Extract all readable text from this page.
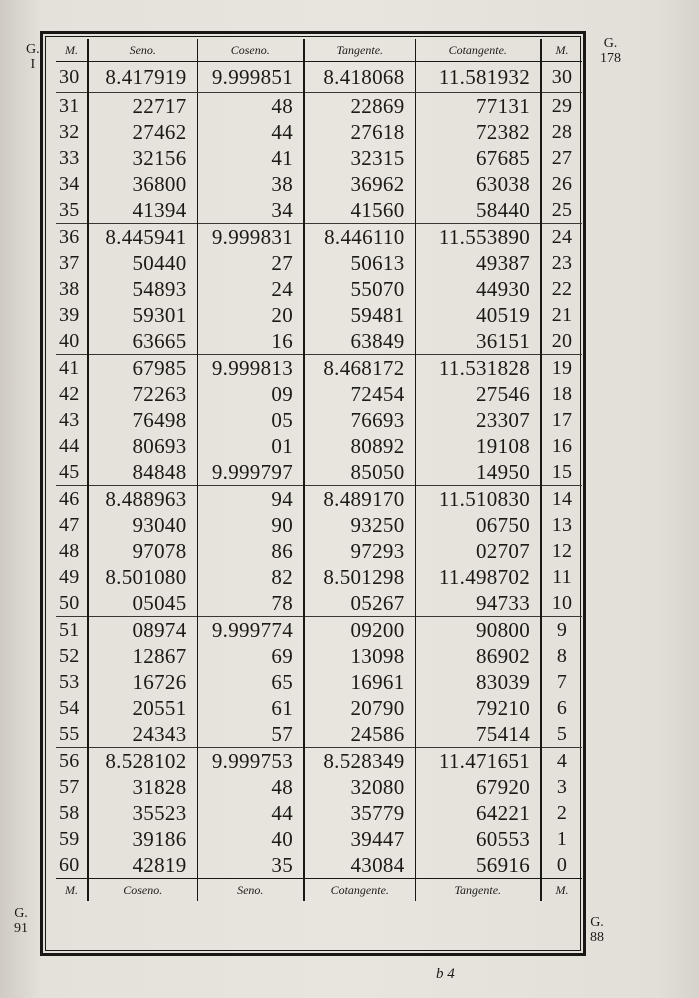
G.
I
G.
178
G.
91	G.
88
M.	Seno.	Coseno.	Tangente.	Cotangente.	M.
30	8.417919	9.999851	8.418068	11.581932	30
31	22717	48	22869	77131	29
32	27462	44	27618	72382	28
33	32156	41	32315	67685	27
34	36800	38	36962	63038	26
35	41394	34	41560	58440	25
36	8.445941	9.999831	8.446110	11.553890	24
37	50440	27	50613	49387	23
38	54893	24	55070	44930	22
39	59301	20	59481	40519	21
40	63665	16	63849	36151	20
41	67985	9.999813	8.468172	11.531828	19
42	72263	09	72454	27546	18
43	76498	05	76693	23307	17
44	80693	01	80892	19108	16
45	84848	9.999797	85050	14950	15
46	8.488963	94	8.489170	11.510830	14
47	93040	90	93250	06750	13
48	97078	86	97293	02707	12
49	8.501080	82	8.501298	11.498702	11
50	05045	78	05267	94733	10
51	08974	9.999774	09200	90800	9
52	12867	69	13098	86902	8
53	16726	65	16961	83039	7
54	20551	61	20790	79210	6
55	24343	57	24586	75414	5
56	8.528102	9.999753	8.528349	11.471651	4
57	31828	48	32080	67920	3
58	35523	44	35779	64221	2
59	39186	40	39447	60553	1
60	42819	35	43084	56916	0
M.	Coseno.	Seno.	Cotangente.	Tangente.	M.
b 4
